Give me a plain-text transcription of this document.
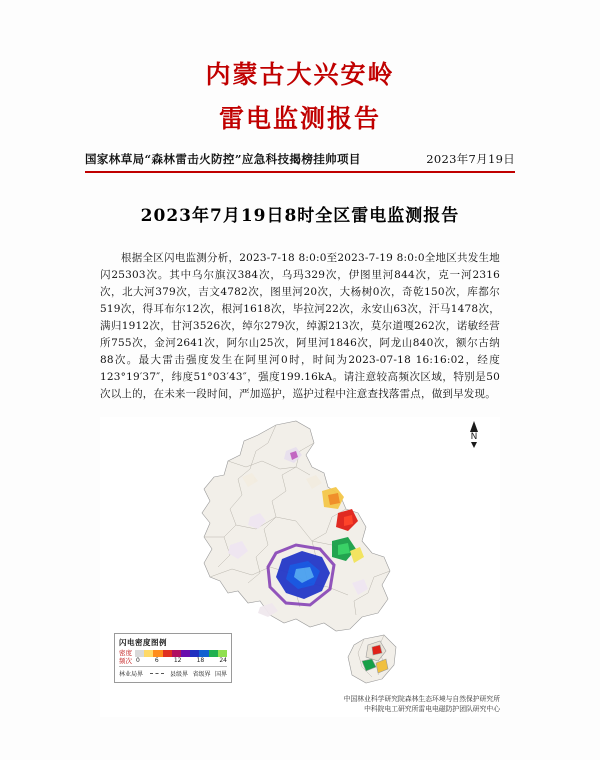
内蒙古大兴安岭
雷电监测报告
国家林草局“森林雷击火防控”应急科技揭榜挂帅项目	2023年7月19日
2023年7月19日8时全区雷电监测报告
根据全区闪电监测分析，2023-7-18 8:0:0至2023-7-19 8:0:0全地区共发生地闪25303次。其中乌尔旗汉384次，乌玛329次，伊图里河844次，克一河2316次，北大河379次，吉文4782次，图里河20次，大杨树0次，奇乾150次，库都尔519次，得耳布尔12次，根河1618次，毕拉河22次，永安山63次，汗马1478次，满归1912次，甘河3526次，绰尔279次，绰源213次，莫尔道嘎262次，诺敏经营所755次，金河2641次，阿尔山25次，阿里河1846次，阿龙山840次，额尔古纳88次。最大雷击强度发生在阿里河0时，时间为2023-07-18 16:16:02，经度123°19′37″，纬度51°03′43″，强度199.16kA。请注意较高频次区域，特别是50次以上的，在未来一段时间，严加巡护，巡护过程中注意查找落雷点，做到早发现。
N
闪电密度图例
密度
频次 0	6	12	18	24
林业局界	县级界 省级界 国界
中国林业科学研究院森林生态环境与自然保护研究所
中科院电工研究所雷电电磁防护团队研究中心
